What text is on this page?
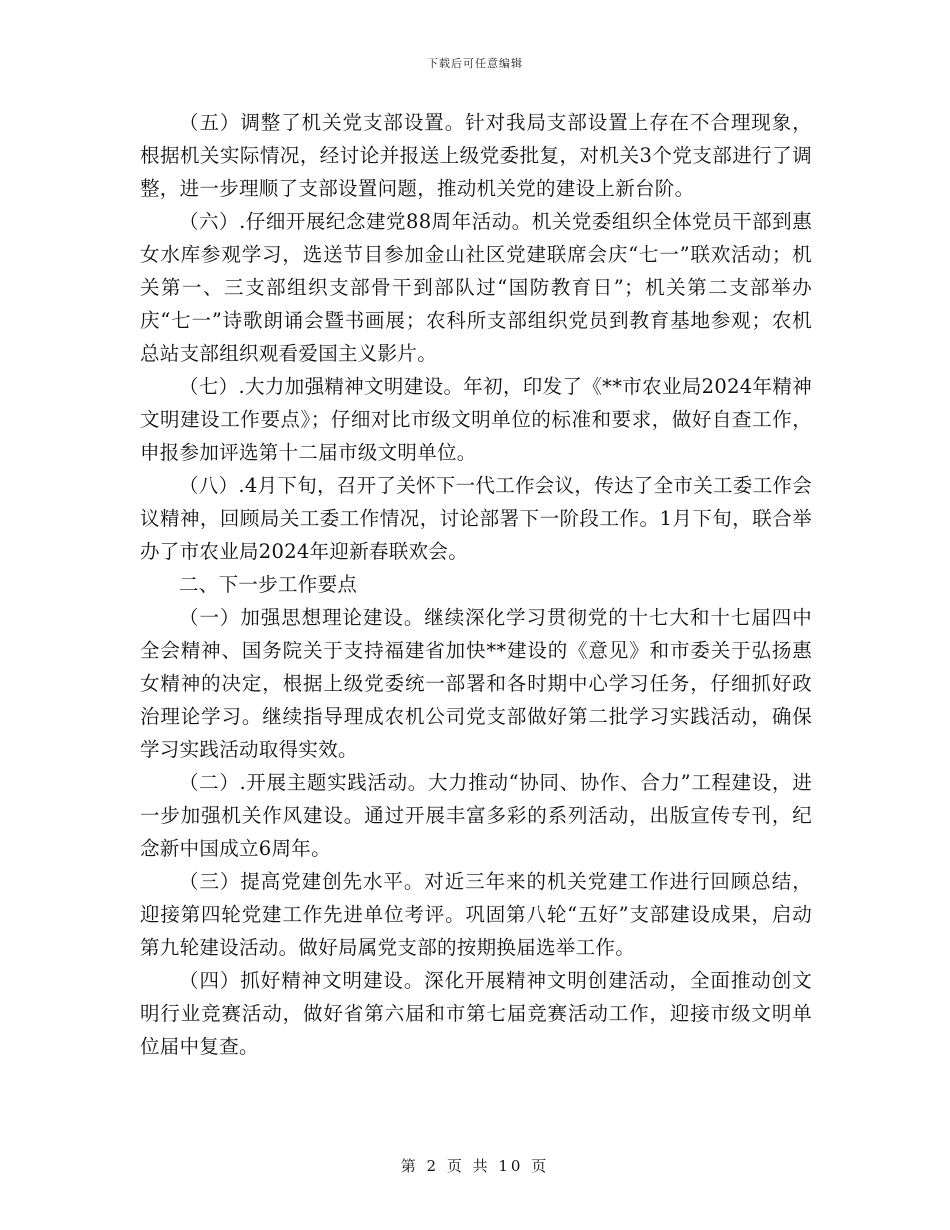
下载后可任意编辑

（五）调整了机关党支部设置。针对我局支部设置上存在不合理现象，根据机关实际情况，经讨论并报送上级党委批复，对机关3个党支部进行了调整，进一步理顺了支部设置问题，推动机关党的建设上新台阶。

（六）.仔细开展纪念建党88周年活动。机关党委组织全体党员干部到惠女水库参观学习，选送节目参加金山社区党建联席会庆“七一”联欢活动；机关第一、三支部组织支部骨干到部队过“国防教育日”；机关第二支部举办庆“七一”诗歌朗诵会暨书画展；农科所支部组织党员到教育基地参观；农机总站支部组织观看爱国主义影片。

（七）.大力加强精神文明建设。年初，印发了《**市农业局2024年精神文明建设工作要点》；仔细对比市级文明单位的标准和要求，做好自查工作，申报参加评选第十二届市级文明单位。

（八）.4月下旬，召开了关怀下一代工作会议，传达了全市关工委工作会议精神，回顾局关工委工作情况，讨论部署下一阶段工作。1月下旬，联合举办了市农业局2024年迎新春联欢会。

二、下一步工作要点

（一）加强思想理论建设。继续深化学习贯彻党的十七大和十七届四中全会精神、国务院关于支持福建省加快**建设的《意见》和市委关于弘扬惠女精神的决定，根据上级党委统一部署和各时期中心学习任务，仔细抓好政治理论学习。继续指导理成农机公司党支部做好第二批学习实践活动，确保学习实践活动取得实效。

（二）.开展主题实践活动。大力推动“协同、协作、合力”工程建设，进一步加强机关作风建设。通过开展丰富多彩的系列活动，出版宣传专刊，纪念新中国成立6周年。

（三）提高党建创先水平。对近三年来的机关党建工作进行回顾总结，迎接第四轮党建工作先进单位考评。巩固第八轮“五好”支部建设成果，启动第九轮建设活动。做好局属党支部的按期换届选举工作。

（四）抓好精神文明建设。深化开展精神文明创建活动，全面推动创文明行业竞赛活动，做好省第六届和市第七届竞赛活动工作，迎接市级文明单位届中复查。

第 2 页 共 10 页
